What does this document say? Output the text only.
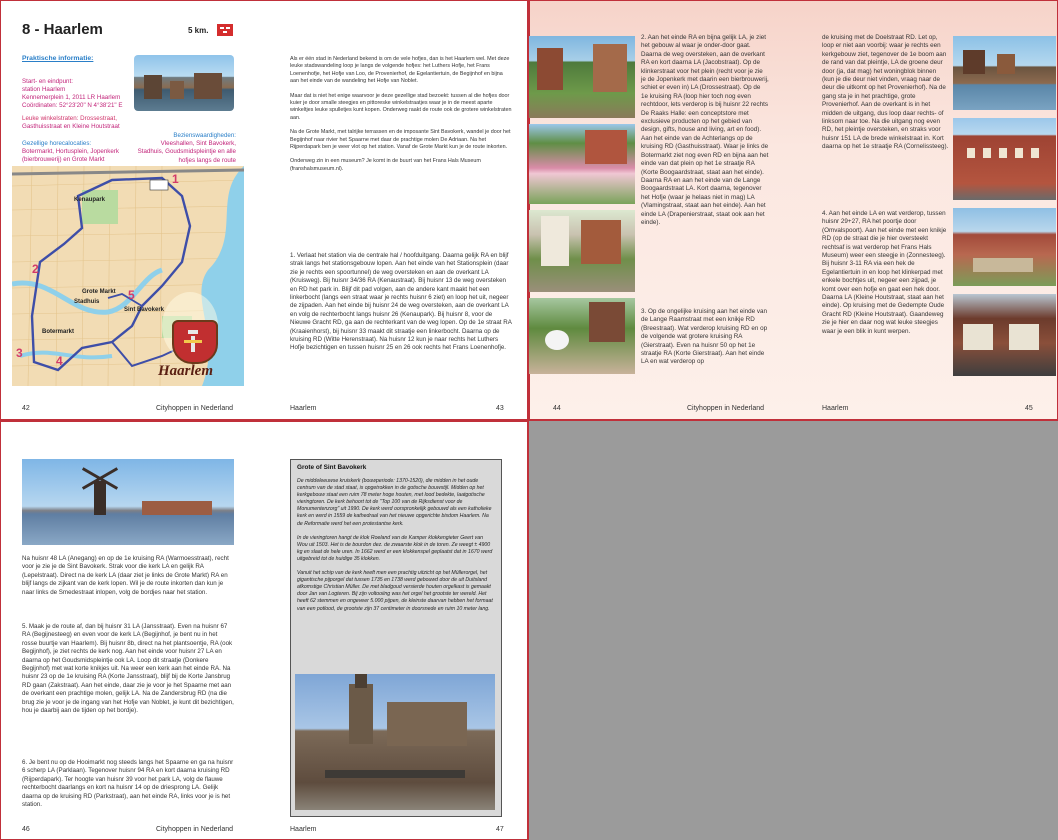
8 - Haarlem	5 km.
Praktische informatie:
Start- en eindpunt:
station Haarlem
Kennemerplein 1, 2011 LR Haarlem
Coördinaten: 52°23'20" N 4°38'21" E
Leuke winkelstraten: Drossestraat,
Gasthuisstraat en Kleine Houtstraat
Bezienswaardigheden:
Vleeshallen, Sint Bavokerk, Stadhuis, Goudsmidspleintje en alle hofjes langs de route
Gezellige horecalocaties:
Botermarkt, Hortusplein, Jopenkerk (bierbrouwerij) en Grote Markt
Kenaupark
Grote Markt
Stadhuis
Sint Bavokerk
Botermarkt
1
2
3
4
5
Haarlem
42	Cityhoppen in Nederland

Als er één stad in Nederland bekend is om de vele hofjes, dan is het Haarlem wel. Met deze leuke stadswandeling loop je langs de volgende hofjes: het Luthers Hofje, het Frans Loenenhofje, het Hofje van Loo, de Provenierhof, de Egelantiertuin, de Begijnhof en bijna aan het einde van de wandeling het Hofje van Noblet.

Maar dat is niet het enige waarvoor je deze gezellige stad bezoekt: tussen al die hofjes door kuier je door smalle steegjes en pittoreske winkelstraatjes waar je in de meest aparte winkeltjes leuke spulletjes kunt kopen. Onderweg raakt de route ook de grotere winkelstraten aan.

Na de Grote Markt, met talrijke terrassen en de imposante Sint Bavokerk, wandel je door het Begijnhof naar rivier het Spaarne met daar de prachtige molen De Adriaan. Na het Rijperdapark ben je weer vlot op het station. Vanaf de Grote Markt kun je de route inkorten.

Onderweg zin in een museum? Je komt in de buurt van het Frans Hals Museum (franshalsmuseum.nl).

1. Verlaat het station via de centrale hal / hoofduitgang. Daarna gelijk RA en blijf strak langs het stationsgebouw lopen. Aan het einde van het Stationsplein (daar zie je rechts een spoortunnel) de weg oversteken en aan de overkant LA (Kruisweg). Bij huisnr 34/36 RA (Kenaustraat). Bij huisnr 13 de weg oversteken en RD het park in. Blijf dit pad volgen, aan de andere kant maakt het een linkerbocht (langs een straat waar je rechts huisnr 6 ziet) en loop het uit, negeer de zijpaden. Aan het einde bij huisnr 24 de weg oversteken, aan de overkant LA en volg de rechterbocht langs huisnr 26 (Kenaupark). Bij huisnr 8, voor de Nieuwe Gracht RD, ga aan de rechterkant van de weg lopen. Op de 1e straat RA (Kraaienhorst), bij huisnr 33 maakt dit straatje een linkerbocht. Daarna op de kruising RD (Witte Herenstraat). Na huisnr 12 kun je naar rechts het Luthers Hofje bezichtigen en tussen huisnr 25 en 26 ook rechts het Frans Loenenhofje.
Haarlem	43
2. Aan het einde RA en bijna gelijk LA, je ziet het gebouw al waar je onder-door gaat. Daarna de weg oversteken, aan de overkant RA en kort daarna LA (Jacobstraat). Op de klinkerstraat voor het plein (recht voor je zie je de Jopenkerk met daarin een bierbrouwerij, schiet er even in) LA (Drossestraat). Op de 1e kruising RA (loop hier toch nog even rechtdoor, lets verderop is bij huisnr 22 rechts De Raaks Halle: een conceptstore met exclusieve producten op het gebied van design, gifts, house and living, art en food). Aan het einde van de Achterlangs op de kruising RD (Gasthuisstraat). Waar je links de Botermarkt ziet nog even RD en bijna aan het einde van dat plein op het 1e straatje RA (Korte Boogaardstraat, staat aan het einde). Daarna RA en aan het einde van de Lange Boogaardstraat LA. Kort daarna, tegenover het Hofje (waar je helaas niet in mag) LA (Vlamingstraat, staat aan het einde). Aan het einde LA (Drapenierstraat, staat ook aan het einde).
3. Op de ongelijke kruising aan het einde van de Lange Raamstraat met een knikje RD (Breestraat). Wat verderop kruising RD en op de volgende wat grotere kruising RA (Gierstraat). Even na huisnr 50 op het 1e straatje RA (Korte Gierstraat). Aan het einde LA en wat verderop op
44	Cityhoppen in Nederland
de kruising met de Doelstraat RD. Let op, loop er niet aan voorbij: waar je rechts een kerkgebouw ziet, tegenover de 1e boom aan de rand van dat pleintje, LA de groene deur door (ja, dat mag) het woningblok binnen (kun je die deur niet vinden, vraag naar de deur die uitkomt op het Provenierhof). Na de gang sta je in het prachtige, grote Provenierhof. Aan de overkant is in het midden de uitgang, dus loop daar rechts- of linksom naar toe. Na die uitgang nog even RD, het pleintje oversteken, en straks voor huisnr 151 LA de brede winkelstraat in. Kort daarna op het 1e straatje RA (Cornelissteeg).
4. Aan het einde LA en wat verderop, tussen huisnr 29+27, RA het poortje door (Omvalspoort). Aan het einde met een knikje RD (op de straat die je hier oversteekt rechtsaf is wat verderop het Frans Hals Museum) weer een steegje in (Zonnesteeg). Bij huisnr 3-11 RA via een hek de Egelantiertuin in en loop het klinkerpad met enkele bochtjes uit, negeer een zijpad, je komt over een hofje en gaat een hek door. Daarna LA (Kleine Houtstraat, staat aan het einde). Op kruising met de Gedempte Oude Gracht RD (Kleine Houtstraat). Gaandeweg zie je hier en daar nog wat leuke steegjes waar je een blik in kunt werpen.
Haarlem	45
Na huisnr 48 LA (Anegang) en op de 1e kruising RA (Warmoesstraat), recht voor je zie je de Sint Bavokerk. Strak voor die kerk LA en gelijk RA (Lepelstraat). Direct na de kerk LA (daar ziet je links de Grote Markt) RA en blijf langs de zijkant van de kerk lopen. Wil je de route inkorten dan kun je naar links de Smedestraat inlopen, volg de bordjes naar het station.
5. Maak je de route af, dan bij huisnr 31 LA (Jansstraat). Even na huisnr 67 RA (Begijnesteeg) en even voor de kerk LA (Begijnhof, je bent nu in het rosse buurtje van Haarlem). Bij huisnr 8b, direct na het plantsoentje, RA (ook Begijnhof), je ziet rechts de kerk nog. Aan het einde voor huisnr 27 LA en daarna op het Goudsmidspleintje ook LA. Loop dit straatje (Donkere Begijnhof) met wat korte knikjes uit. Na weer een kerk aan het einde RA. Na huisnr 23 op de 1e kruising RA (Korte Jansstraat), blijf bij de Korte Jansbrug RD gaan (Zakstraat). Aan het einde, daar zie je voor je het Spaarne met aan de overkant een prachtige molen, gelijk LA. Na de Zandersbrug RD (na die brug zie je voor je de ingang van het Hofje van Noblet, je kunt dit bezichtigen, hou je daarbij aan de tijden op het bordje).
6. Je bent nu op de Hooimarkt nog steeds langs het Spaarne en ga na huisnr 6 scherp LA (Parklaan). Tegenover huisnr 94 RA en kort daarna kruising RD (Rijperdapark). Ter hoogte van huisnr 39 voor het park LA, volg de flauwe rechterbocht daarlangs en kort na huisnr 14 op de driesprong LA. Gelijk daarna op de kruising RD (Parkstraat), aan het einde RA, links voor je is het station.
46	Cityhoppen in Nederland
Grote of Sint Bavokerk

De middeleeuwse kruiskerk (bouwperiode: 1370-1520), die midden in het oude centrum van de stad staat, is opgetrokken in de gotische bouwstijl. Midden op het kerkgebouw staat een ruim 78 meter hoge houten, met lood bedekte, laatgotische vieringtoren. De kerk behoort tot de "Top 100 van de Rijksdienst voor de Monumentenzorg" uit 1990. De kerk werd oorspronkelijk gebouwd als een katholieke kerk en werd in 1559 de kathedraal van het nieuwe opgerichte bisdom Haarlem. Na de Reformatie werd het een protestantse kerk.

In de vieringtoren hangt de klok Roeland van de Kamper klokkengieter Geert van Wou uit 1503. Het is de bourdon dez. de zwaarste klok in de toren. Ze weegt ± 4900 kg en slaat de hele uren. In 1662 werd er een klokkenspel geplaatst dat in 1670 werd uitgebreid tot de huidige 35 klokken.

Vanuit het schip van de kerk heeft men een prachtig uitzicht op het Müllerorgel, het gigantische pijporgel dat tussen 1735 en 1738 werd gebouwd door de uit Duitsland afkomstige Christian Müller. De met bladgoud versierde houten orgelkast is gemaakt door Jan van Logteren. Bij zijn voltooiing was het orgel het grootste ter wereld. Het heeft 62 stemmen en ongeveer 5.000 pijpen, de kleinste daarvan hebben het formaat van een potlood, de grootste zijn 37 centimeter in doorsnede en ruim 10 meter lang.

Haarlem	47
